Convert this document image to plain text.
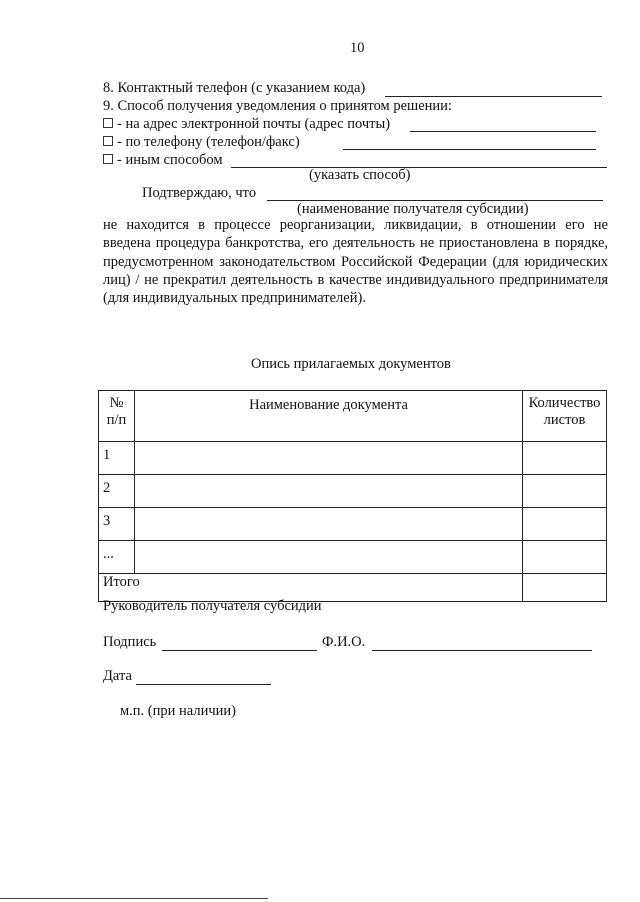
10
8. Контактный телефон (с указанием кода)
9. Способ получения уведомления о принятом решении:
- на адрес электронной почты (адрес почты)
- по телефону (телефон/факс)
- иным способом
(указать способ)
Подтверждаю, что
(наименование получателя субсидии)
не находится в процессе реорганизации, ликвидации, в отношении его не введена процедура банкротства, его деятельность не приостановлена в порядке, предусмотренном законодательством Российской Федерации (для юридических лиц) / не прекратил деятельность в качестве индивидуального предпринимателя (для индивидуальных предпринимателей).
Опись прилагаемых документов
№ п/п	Наименование документа	Количество листов
1		
2		
3		
...		
Итого		
Руководитель получателя субсидии
Подпись	Ф.И.О.
Дата
м.п. (при наличии)
